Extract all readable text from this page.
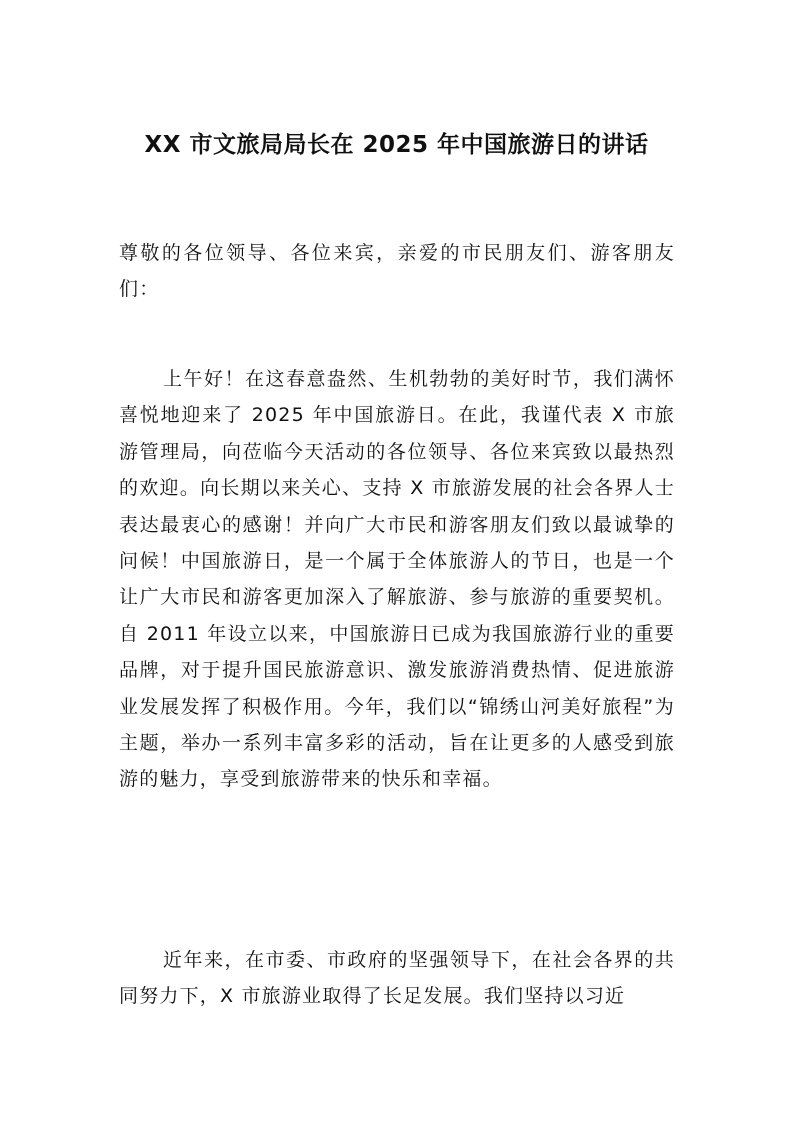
XX 市文旅局局长在 2025 年中国旅游日的讲话

尊敬的各位领导、各位来宾，亲爱的市民朋友们、游客朋友们：

上午好！在这春意盎然、生机勃勃的美好时节，我们满怀喜悦地迎来了 2025 年中国旅游日。在此，我谨代表 X 市旅游管理局，向莅临今天活动的各位领导、各位来宾致以最热烈的欢迎。向长期以来关心、支持 X 市旅游发展的社会各界人士表达最衷心的感谢！并向广大市民和游客朋友们致以最诚挚的问候！中国旅游日，是一个属于全体旅游人的节日，也是一个让广大市民和游客更加深入了解旅游、参与旅游的重要契机。自 2011 年设立以来，中国旅游日已成为我国旅游行业的重要品牌，对于提升国民旅游意识、激发旅游消费热情、促进旅游业发展发挥了积极作用。今年，我们以“锦绣山河美好旅程”为主题，举办一系列丰富多彩的活动，旨在让更多的人感受到旅游的魅力，享受到旅游带来的快乐和幸福。

近年来，在市委、市政府的坚强领导下，在社会各界的共同努力下，X 市旅游业取得了长足发展。我们坚持以习近
